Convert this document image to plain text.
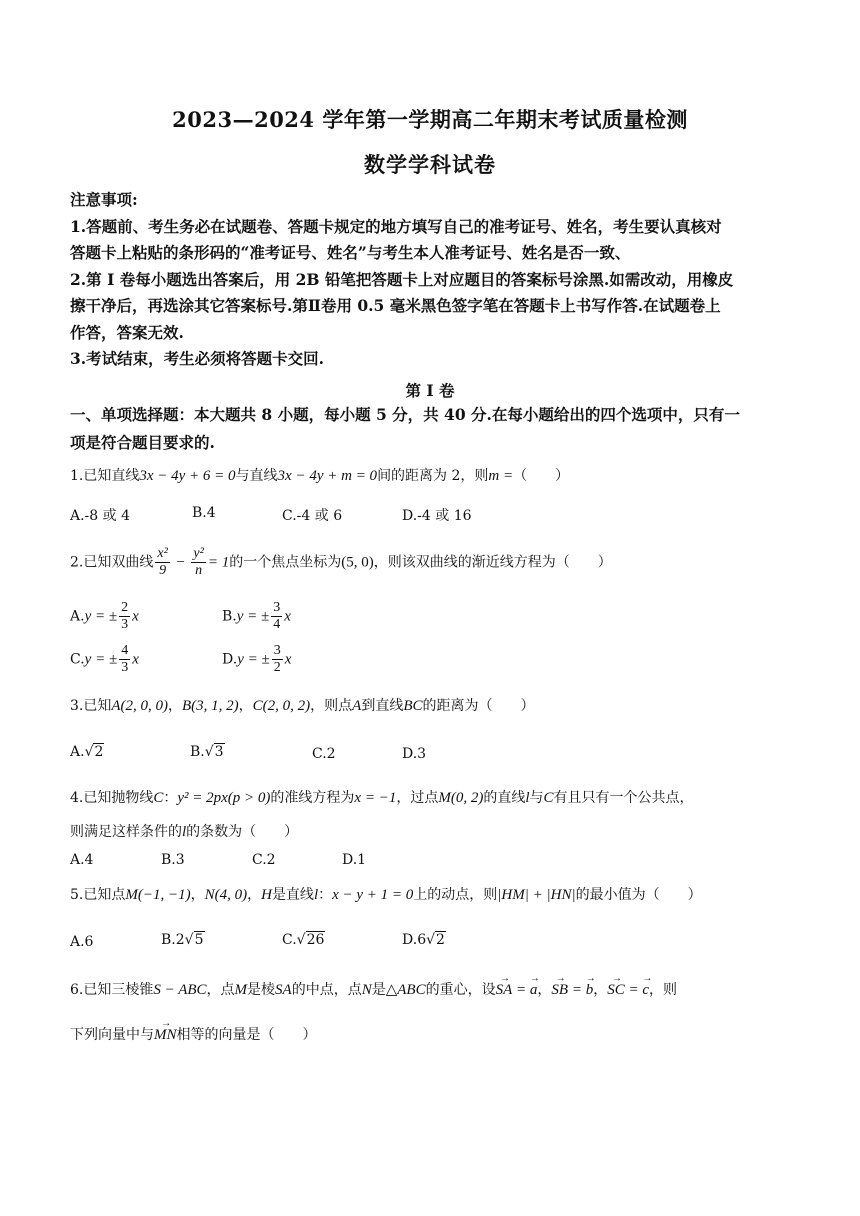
2023—2024 学年第一学期高二年期末考试质量检测
数学学科试卷

注意事项:

1.答题前、考生务必在试题卷、答题卡规定的地方填写自己的准考证号、姓名，考生要认真核对

答题卡上粘贴的条形码的“准考证号、姓名”与考生本人准考证号、姓名是否一致、

2.第 I 卷每小题选出答案后，用 2B 铅笔把答题卡上对应题目的答案标号涂黑.如需改动，用橡皮

擦干净后，再选涂其它答案标号.第Ⅱ卷用 0.5 毫米黑色签字笔在答题卡上书写作答.在试题卷上

作答，答案无效.

3.考试结束，考生必须将答题卡交回.

第 I 卷
一、单项选择题：本大题共 8 小题，每小题 5 分，共 40 分.在每小题给出的四个选项中，只有一
项是符合题目要求的.
1.已知直线3x − 4y + 6 = 0与直线3x − 4y + m = 0间的距离为 2，则m =（　　）
A.-8 或 4	B.4	C.-4 或 6	D.-4 或 16
2.已知双曲线 $\frac{\text{x²}}{9} - \frac{\text{y²}}{n} = 1$的一个焦点坐标为(5, 0)，则该双曲线的渐近线方程为（　　）
A.y = ± $\frac{2}{3}$ x	B.y = ± $\frac{3}{4}$ x
C.y = ± $\frac{4}{3}$ x	D.y = ± $\frac{3}{2}$ x
3.已知A(2, 0, 0)，B(3, 1, 2)，C(2, 0, 2)，则点A到直线BC的距离为（　　）
A.√2	B.√3	C.2	D.3
4.已知抛物线C：y² = 2px(p > 0)的准线方程为x = −1，过点M(0, 2)的直线l与C有且只有一个公共点，
则满足这样条件的l的条数为（　　）
A.4	B.3	C.2	D.1
5.已知点M(−1, −1)，N(4, 0)，H是直线l：x − y + 1 = 0上的动点，则|HM| + |HN|的最小值为（　　）
A.6	B.2√5	C.√26	D.6√2
6.已知三棱锥S − ABC，点M是棱SA的中点，点N是△ABC的重心，设→ SA = → a，→ SB = → b，→ SC = → c，则
下列向量中与→ MN相等的向量是（　　）
